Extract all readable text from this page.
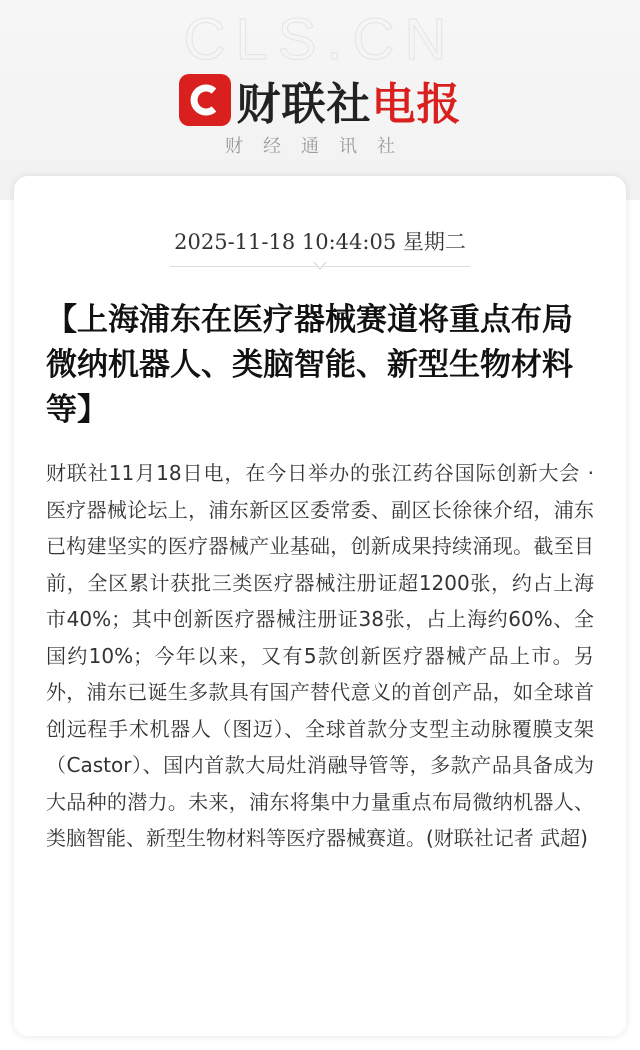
CLS.CN
财联社电报
财经通讯社
2025-11-18 10:44:05 星期二
【上海浦东在医疗器械赛道将重点布局微纳机器人、类脑智能、新型生物材料等】
财联社11月18日电，在今日举办的张江药谷国际创新大会 · 医疗器械论坛上，浦东新区区委常委、副区长徐徕介绍，浦东已构建坚实的医疗器械产业基础，创新成果持续涌现。截至目前，全区累计获批三类医疗器械注册证超1200张，约占上海市40%；其中创新医疗器械注册证38张，占上海约60%、全国约10%；今年以来，又有5款创新医疗器械产品上市。另外，浦东已诞生多款具有国产替代意义的首创产品，如全球首创远程手术机器人（图迈）、全球首款分支型主动脉覆膜支架（Castor）、国内首款大局灶消融导管等，多款产品具备成为大品种的潜力。未来，浦东将集中力量重点布局微纳机器人、类脑智能、新型生物材料等医疗器械赛道。(财联社记者 武超)
